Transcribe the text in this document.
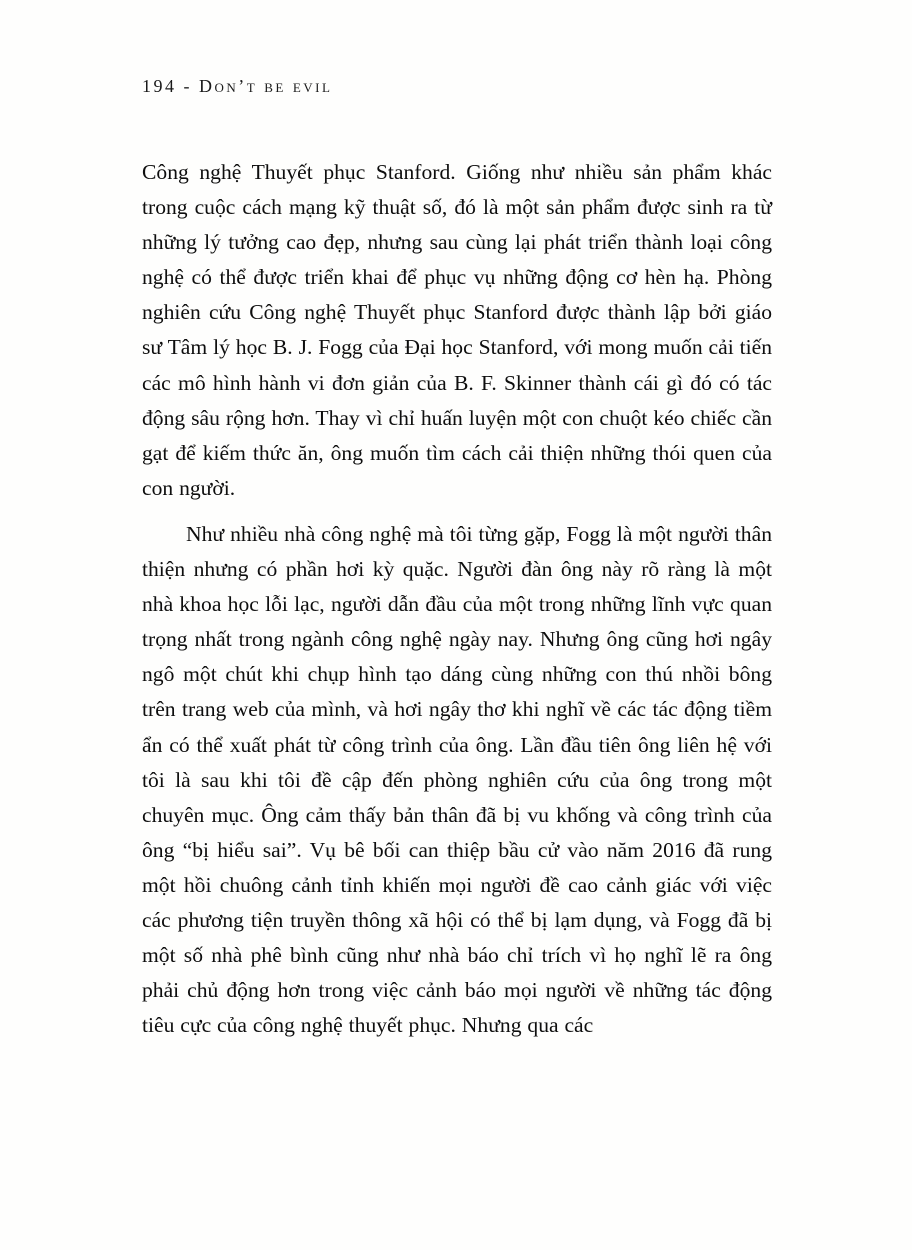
194 - Don’t be evil

Công nghệ Thuyết phục Stanford. Giống như nhiều sản phẩm khác trong cuộc cách mạng kỹ thuật số, đó là một sản phẩm được sinh ra từ những lý tưởng cao đẹp, nhưng sau cùng lại phát triển thành loại công nghệ có thể được triển khai để phục vụ những động cơ hèn hạ. Phòng nghiên cứu Công nghệ Thuyết phục Stanford được thành lập bởi giáo sư Tâm lý học B. J. Fogg của Đại học Stanford, với mong muốn cải tiến các mô hình hành vi đơn giản của B. F. Skinner thành cái gì đó có tác động sâu rộng hơn. Thay vì chỉ huấn luyện một con chuột kéo chiếc cần gạt để kiếm thức ăn, ông muốn tìm cách cải thiện những thói quen của con người.

Như nhiều nhà công nghệ mà tôi từng gặp, Fogg là một người thân thiện nhưng có phần hơi kỳ quặc. Người đàn ông này rõ ràng là một nhà khoa học lỗi lạc, người dẫn đầu của một trong những lĩnh vực quan trọng nhất trong ngành công nghệ ngày nay. Nhưng ông cũng hơi ngây ngô một chút khi chụp hình tạo dáng cùng những con thú nhồi bông trên trang web của mình, và hơi ngây thơ khi nghĩ về các tác động tiềm ẩn có thể xuất phát từ công trình của ông. Lần đầu tiên ông liên hệ với tôi là sau khi tôi đề cập đến phòng nghiên cứu của ông trong một chuyên mục. Ông cảm thấy bản thân đã bị vu khống và công trình của ông “bị hiểu sai”. Vụ bê bối can thiệp bầu cử vào năm 2016 đã rung một hồi chuông cảnh tỉnh khiến mọi người đề cao cảnh giác với việc các phương tiện truyền thông xã hội có thể bị lạm dụng, và Fogg đã bị một số nhà phê bình cũng như nhà báo chỉ trích vì họ nghĩ lẽ ra ông phải chủ động hơn trong việc cảnh báo mọi người về những tác động tiêu cực của công nghệ thuyết phục. Nhưng qua các
